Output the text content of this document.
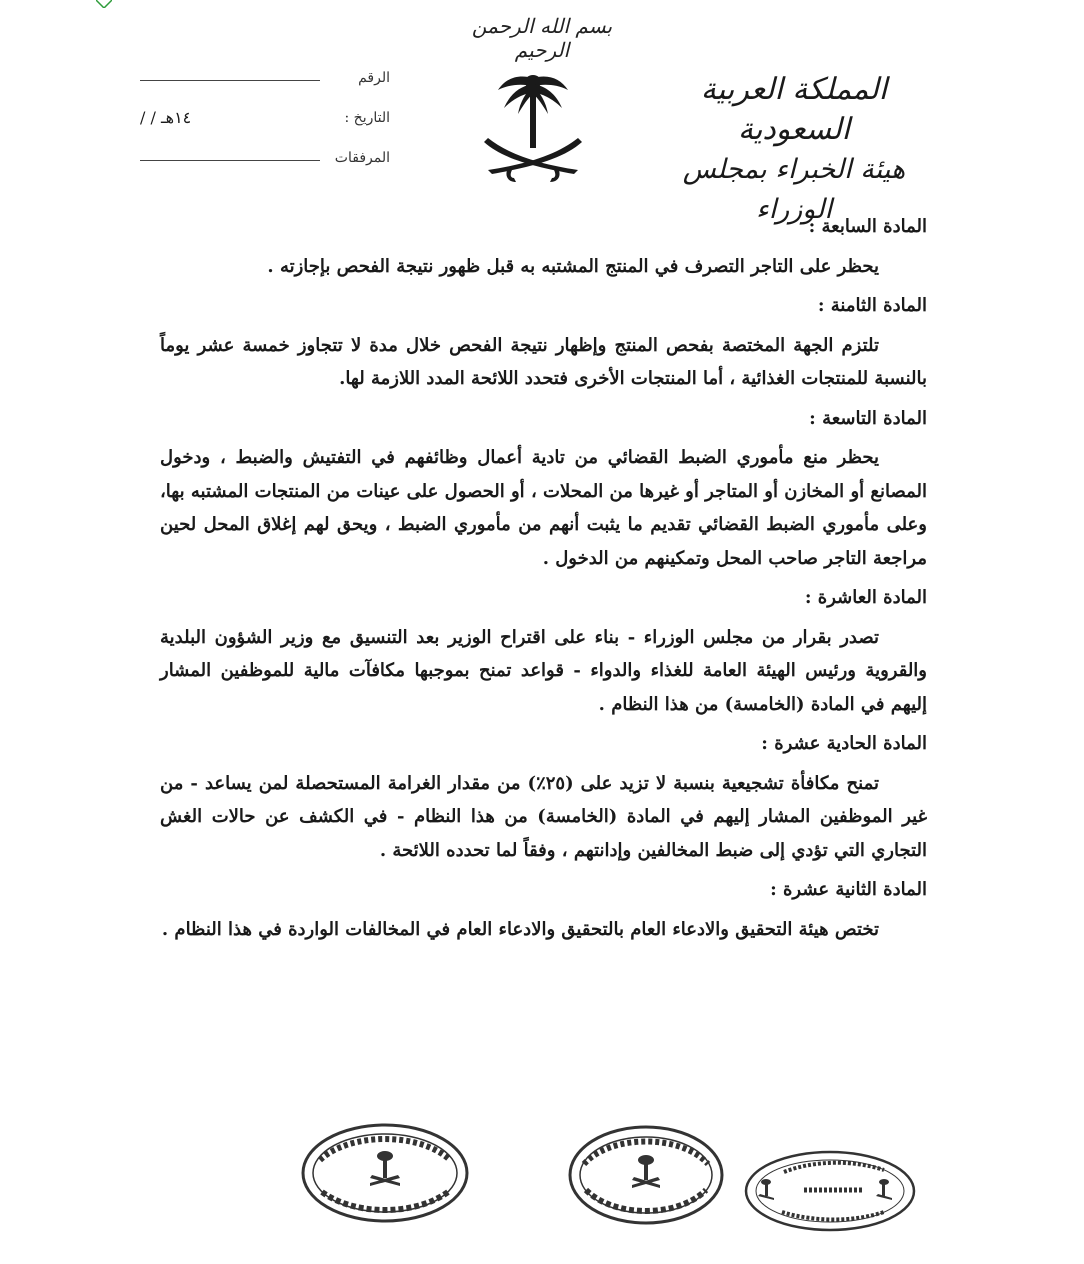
بسم الله الرحمن الرحيم
المملكة العربية السعودية
هيئة الخبراء بمجلس الوزراء
الرقم
التاريخ :
/ / ١٤هـ
المرفقات
المادة السابعة :
يحظر على التاجر التصرف في المنتج المشتبه به قبل ظهور نتيجة الفحص بإجازته .
المادة الثامنة :
تلتزم الجهة المختصة بفحص المنتج وإظهار نتيجة الفحص خلال مدة لا تتجاوز خمسة عشر يوماً بالنسبة للمنتجات الغذائية ، أما المنتجات الأخرى فتحدد اللائحة المدد اللازمة لها.
المادة التاسعة :
يحظر منع مأموري الضبط القضائي من تادية أعمال وظائفهم في التفتيش والضبط ، ودخول المصانع أو المخازن أو المتاجر أو غيرها من المحلات ، أو الحصول على عينات من المنتجات المشتبه بها، وعلى مأموري الضبط القضائي تقديم ما يثبت أنهم من مأموري الضبط ، ويحق لهم إغلاق المحل لحين مراجعة التاجر صاحب المحل وتمكينهم من الدخول .
المادة العاشرة :
تصدر بقرار من مجلس الوزراء - بناء على اقتراح الوزير بعد التنسيق مع وزير الشؤون البلدية والقروية ورئيس الهيئة العامة للغذاء والدواء - قواعد تمنح بموجبها مكافآت مالية للموظفين المشار إليهم في المادة (الخامسة) من هذا النظام .
المادة الحادية عشرة :
تمنح مكافأة تشجيعية بنسبة لا تزيد على (٢٥٪) من مقدار الغرامة المستحصلة لمن يساعد - من غير الموظفين المشار إليهم في المادة (الخامسة) من هذا النظام - في الكشف عن حالات الغش التجاري التي تؤدي إلى ضبط المخالفين وإدانتهم ، وفقاً لما تحدده اللائحة .
المادة الثانية عشرة :
تختص هيئة التحقيق والادعاء العام بالتحقيق والادعاء العام في المخالفات الواردة في هذا النظام .
